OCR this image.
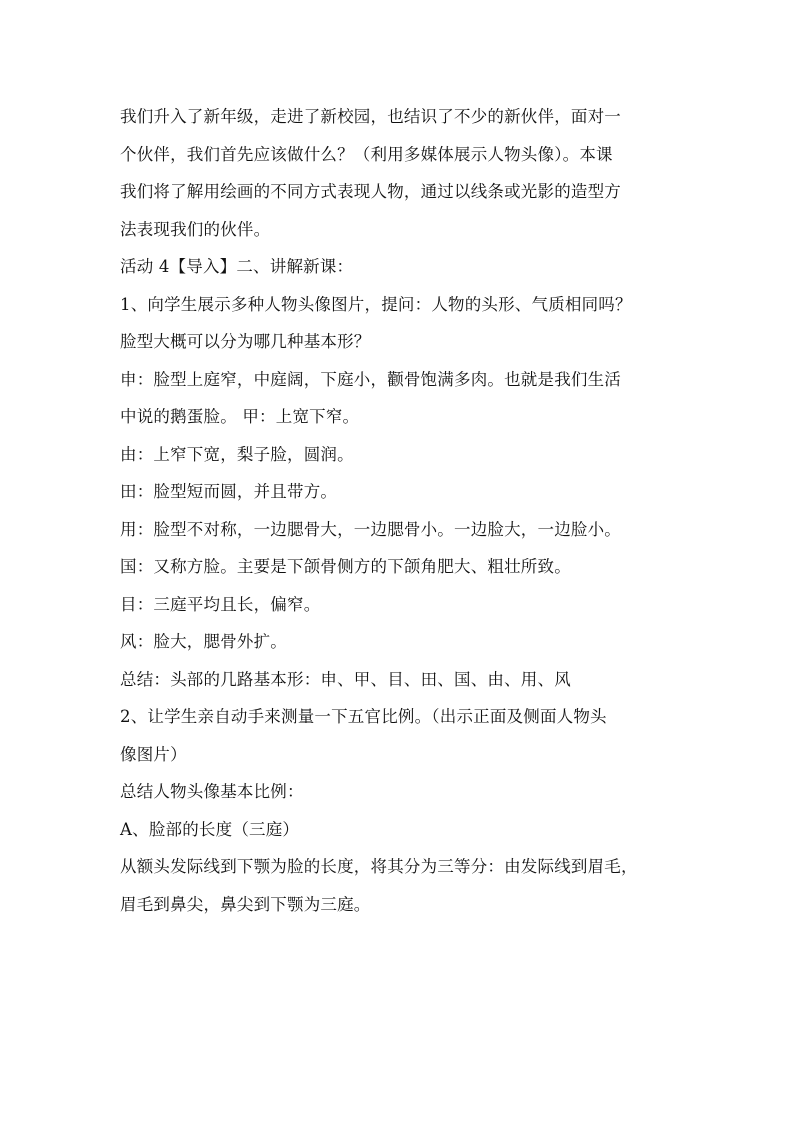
我们升入了新年级，走进了新校园，也结识了不少的新伙伴，面对一
个伙伴，我们首先应该做什么？（利用多媒体展示人物头像）。本课
我们将了解用绘画的不同方式表现人物，通过以线条或光影的造型方
法表现我们的伙伴。
活动 4【导入】二、讲解新课：
1、向学生展示多种人物头像图片，提问：人物的头形、气质相同吗？
脸型大概可以分为哪几种基本形？
申：脸型上庭窄，中庭阔，下庭小，颧骨饱满多肉。也就是我们生活
中说的鹅蛋脸。 甲：上宽下窄。
由：上窄下宽，梨子脸，圆润。
田：脸型短而圆，并且带方。
用：脸型不对称，一边腮骨大，一边腮骨小。一边脸大，一边脸小。
国：又称方脸。主要是下颌骨侧方的下颌角肥大、粗壮所致。
目：三庭平均且长，偏窄。
风：脸大，腮骨外扩。
总结：头部的几路基本形：申、甲、目、田、国、由、用、风
2、让学生亲自动手来测量一下五官比例。（出示正面及侧面人物头
像图片）
总结人物头像基本比例：
A、脸部的长度（三庭）
从额头发际线到下颚为脸的长度，将其分为三等分：由发际线到眉毛，
眉毛到鼻尖，鼻尖到下颚为三庭。
